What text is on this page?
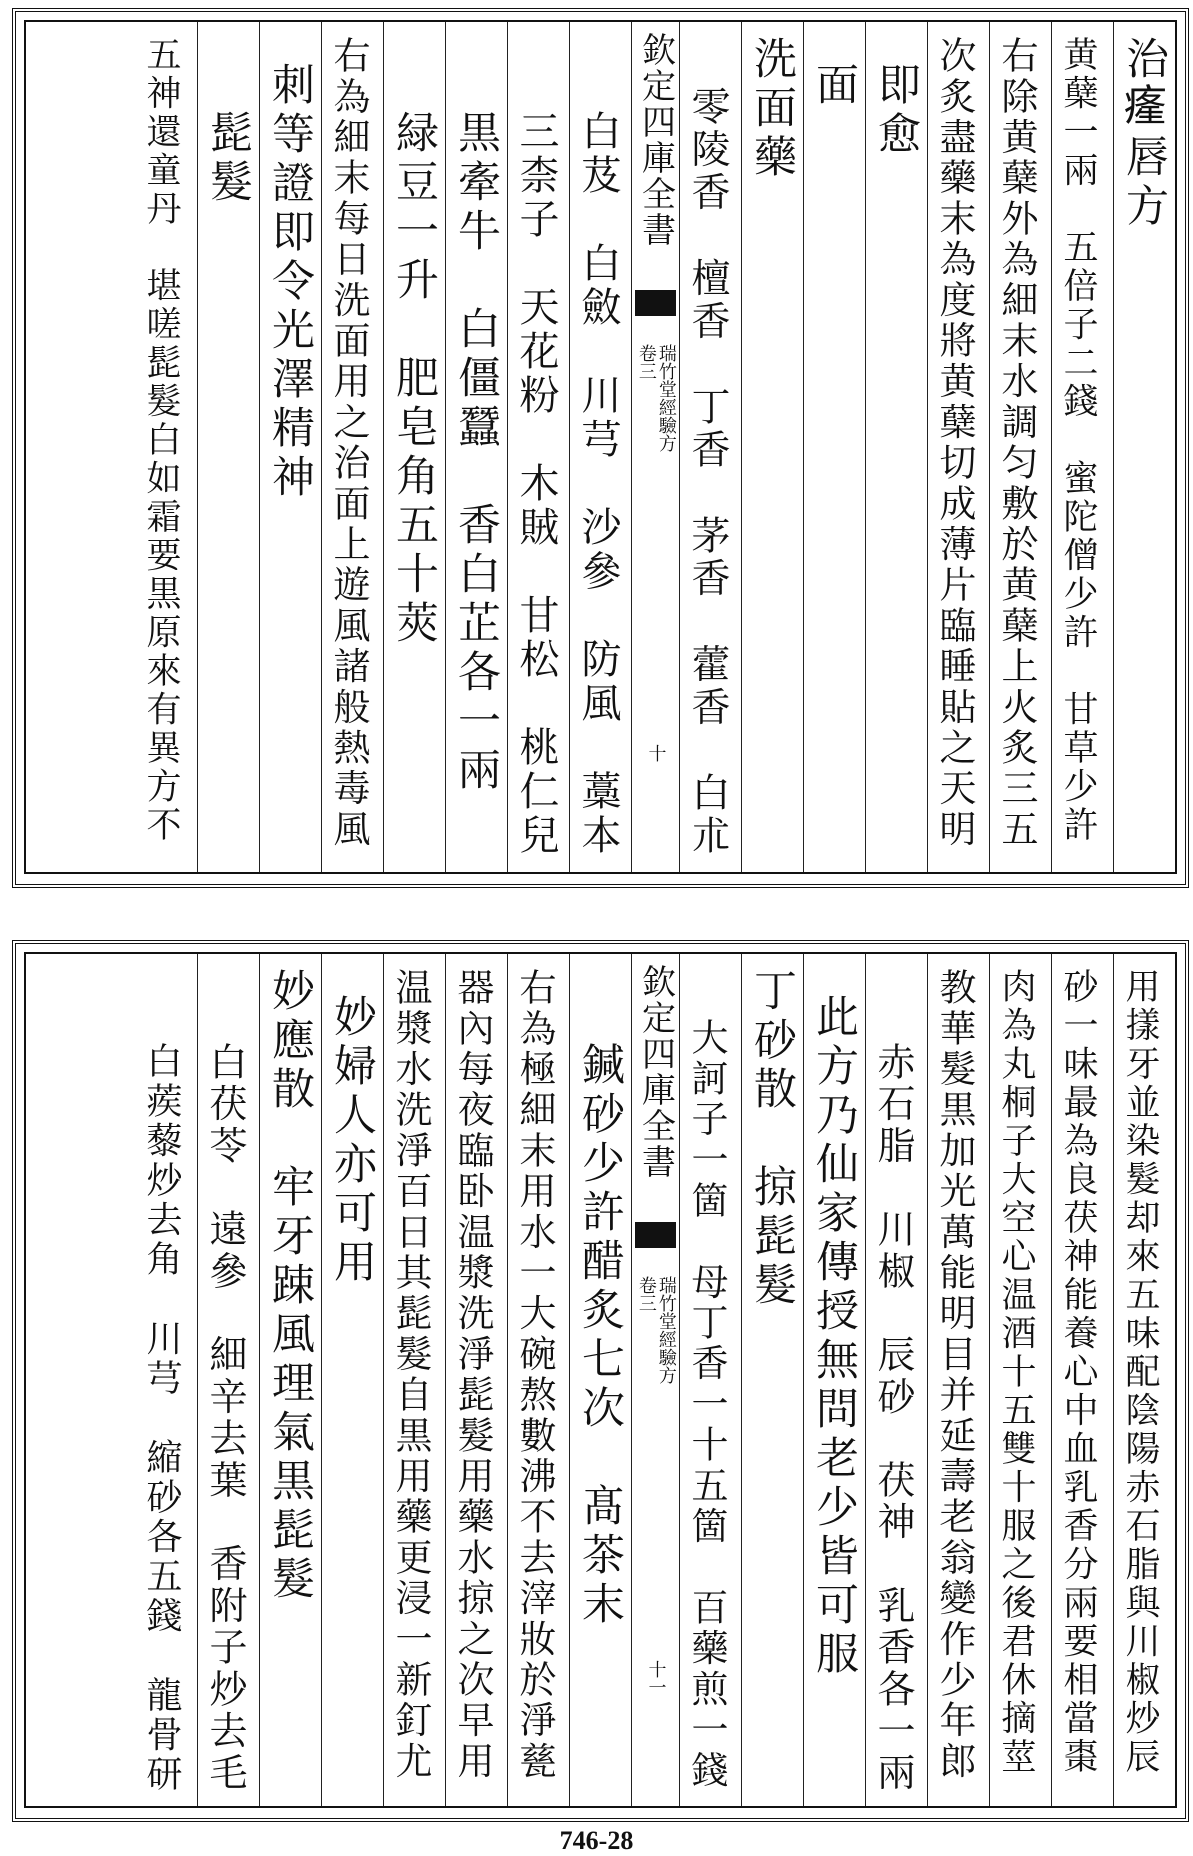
治𤸇唇方
黄蘖一兩　五倍子二錢　蜜陀僧少許　甘草少許
右除黄蘖外為細末水調匀敷於黄蘖上火炙三五
次炙盡藥末為度將黄蘖切成薄片臨睡貼之天明
即愈
面
洗面藥
零陵香　檀香　丁香　茅香　藿香　白朮
欽定四庫全書
瑞竹堂經驗方
卷三
十
白芨　白斂　川芎　沙參　防風　藁本
三柰子　天花粉　木賊　甘松　桃仁兒
黒牽牛　白僵蠶　香白芷各一兩
緑豆一升　肥皂角五十莢
右為細末每日洗面用之治面上遊風諸般熱毒風
刺等證即令光澤精神
髭髮
五神還童丹　堪嗟髭髮白如霜要黒原來有異方不
用㨾牙並染髮却來五味配陰陽赤石脂與川椒炒辰
砂一味最為良茯神能養心中血乳香分兩要相當棗
肉為丸桐子大空心温酒十五雙十服之後君休摘莖
教華髮黒加光萬能明目并延壽老翁變作少年郎
赤石脂　川椒　辰砂　茯神　乳香各一兩
此方乃仙家傳授無問老少皆可服
丁砂散　掠髭髮
大訶子一箇　母丁香一十五箇　百藥煎一錢
欽定四庫全書
瑞竹堂經驗方
卷三
十一
鍼砂少許醋炙七次　髙茶末
右為極細末用水一大碗熬數沸不去滓妝於淨甆
器內每夜臨卧温漿洗淨髭髮用藥水掠之次早用
温漿水洗淨百日其髭髮自黒用藥更浸一新釘尤
妙婦人亦可用
妙應散　牢牙踈風理氣黒髭髮
白茯苓　遠參　細辛去葉　香附子炒去毛
白蒺藜炒去角　川芎　縮砂各五錢　龍骨研
746-28
